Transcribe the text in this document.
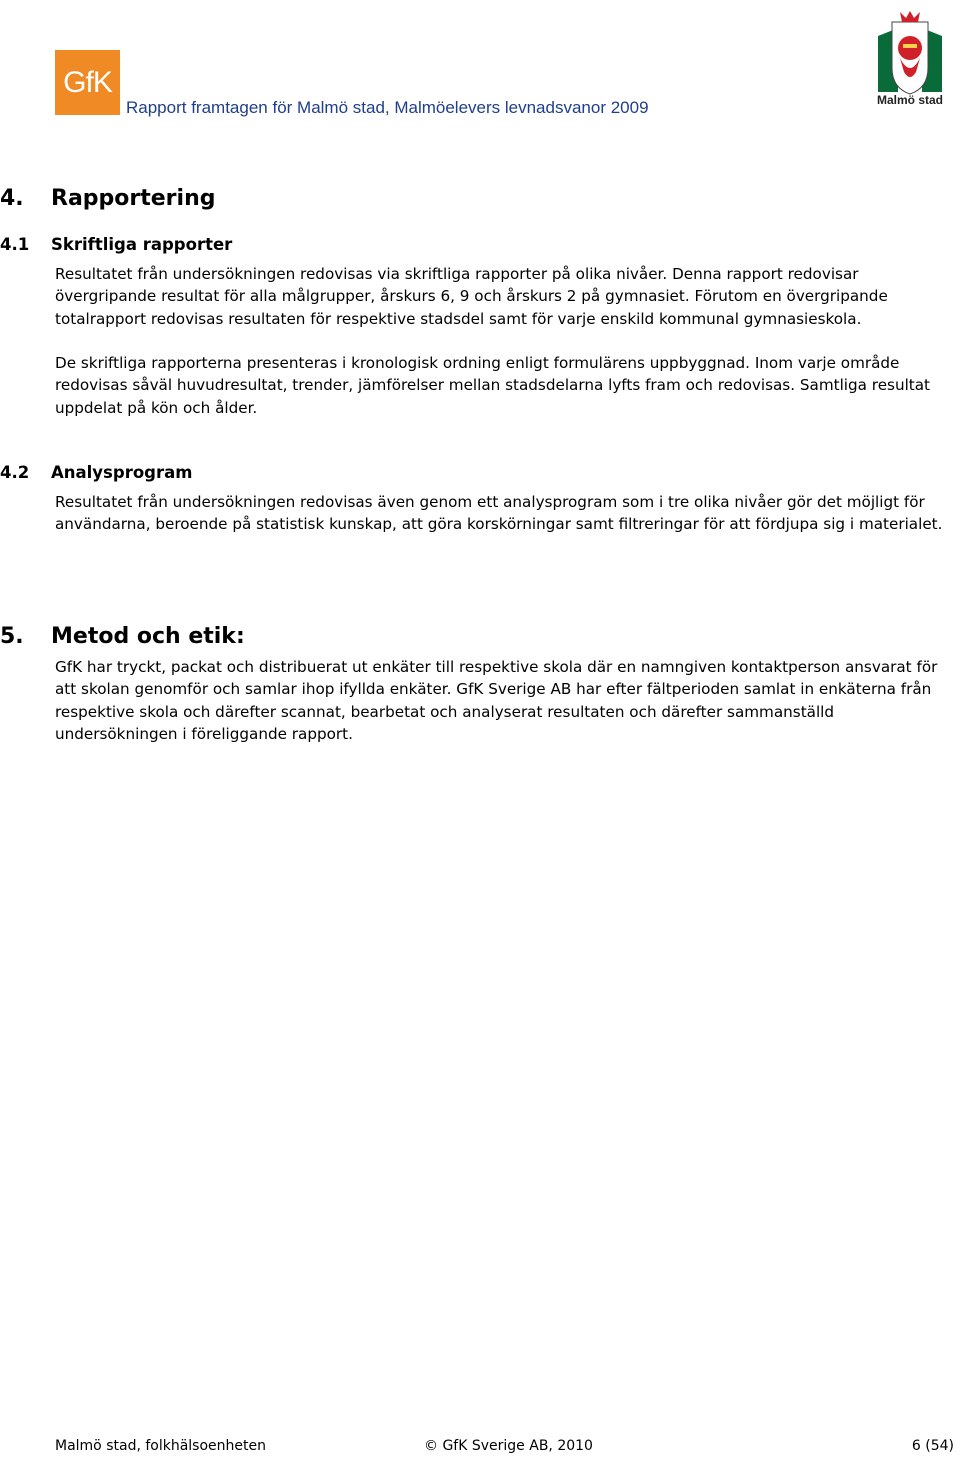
GfK
Rapport framtagen för Malmö stad, Malmöelevers levnadsvanor 2009	Malmö stad
4. Rapportering
4.1 Skriftliga rapporter

Resultatet från undersökningen redovisas via skriftliga rapporter på olika nivåer. Denna rapport redovisar övergripande resultat för alla målgrupper, årskurs 6, 9 och årskurs 2 på gymnasiet. Förutom en övergripande totalrapport redovisas resultaten för respektive stadsdel samt för varje enskild kommunal gymnasieskola.

De skriftliga rapporterna presenteras i kronologisk ordning enligt formulärens uppbyggnad. Inom varje område redovisas såväl huvudresultat, trender, jämförelser mellan stadsdelarna lyfts fram och redovisas. Samtliga resultat uppdelat på kön och ålder.

4.2 Analysprogram

Resultatet från undersökningen redovisas även genom ett analysprogram som i tre olika nivåer gör det möjligt för användarna, beroende på statistisk kunskap, att göra korskörningar samt filtreringar för att fördjupa sig i materialet.

5. Metod och etik:

GfK har tryckt, packat och distribuerat ut enkäter till respektive skola där en namngiven kontaktperson ansvarat för att skolan genomför och samlar ihop ifyllda enkäter. GfK Sverige AB har efter fältperioden samlat in enkäterna från respektive skola och därefter scannat, bearbetat och analyserat resultaten och därefter sammanställd undersökningen i föreliggande rapport.

Malmö stad, folkhälsoenheten	© GfK Sverige AB, 2010	6 (54)
